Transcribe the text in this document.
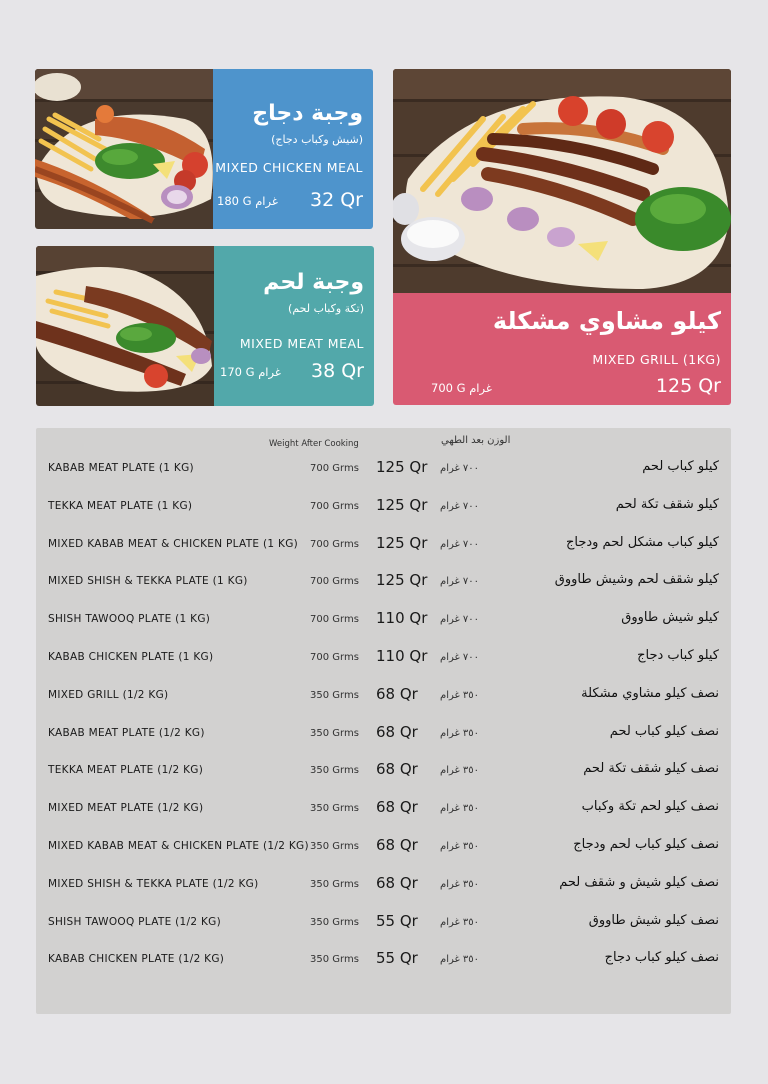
وجبة دجاج
(شيش وكباب دجاج)
MIXED CHICKEN MEAL
180 G غرام 32 Qr
وجبة لحم
(تكة وكباب لحم)
MIXED MEAT MEAL
170 G غرام 38 Qr
كيلو مشاوي مشكلة
MIXED GRILL (1KG)
700 G غرام	125 Qr
Weight After Cooking	الوزن بعد الطهي
KABAB MEAT PLATE (1 KG)	700 Grms 125 Qr ٧٠٠ غرام	كيلو كباب لحم
TEKKA MEAT PLATE (1 KG)	700 Grms 125 Qr ٧٠٠ غرام	كيلو شقف تكة لحم
MIXED KABAB MEAT & CHICKEN PLATE (1 KG) 700 Grms 125 Qr ٧٠٠ غرام	كيلو كباب مشكل لحم ودجاج
MIXED SHISH & TEKKA PLATE (1 KG)	700 Grms 125 Qr ٧٠٠ غرام	كيلو شقف لحم وشيش طاووق
SHISH TAWOOQ PLATE (1 KG)	700 Grms 110 Qr ٧٠٠ غرام	كيلو شيش طاووق
KABAB CHICKEN PLATE (1 KG)	700 Grms 110 Qr ٧٠٠ غرام	كيلو كباب دجاج
MIXED GRILL (1/2 KG)	350 Grms 68 Qr ٣٥٠ غرام	نصف كيلو مشاوي مشكلة
KABAB MEAT PLATE (1/2 KG)	350 Grms 68 Qr ٣٥٠ غرام	نصف كيلو كباب لحم
TEKKA MEAT PLATE (1/2 KG)	350 Grms 68 Qr ٣٥٠ غرام	نصف كيلو شقف تكة لحم
MIXED MEAT PLATE (1/2 KG)	350 Grms 68 Qr ٣٥٠ غرام	نصف كيلو لحم تكة وكباب
MIXED KABAB MEAT & CHICKEN PLATE (1/2 KG) 350 Grms 68 Qr ٣٥٠ غرام	نصف كيلو كباب لحم ودجاج
MIXED SHISH & TEKKA PLATE (1/2 KG)	350 Grms 68 Qr ٣٥٠ غرام	نصف كيلو شيش و شقف لحم
SHISH TAWOOQ PLATE (1/2 KG)	350 Grms 55 Qr ٣٥٠ غرام	نصف كيلو شيش طاووق
KABAB CHICKEN PLATE (1/2 KG)	350 Grms 55 Qr ٣٥٠ غرام	نصف كيلو كباب دجاج
